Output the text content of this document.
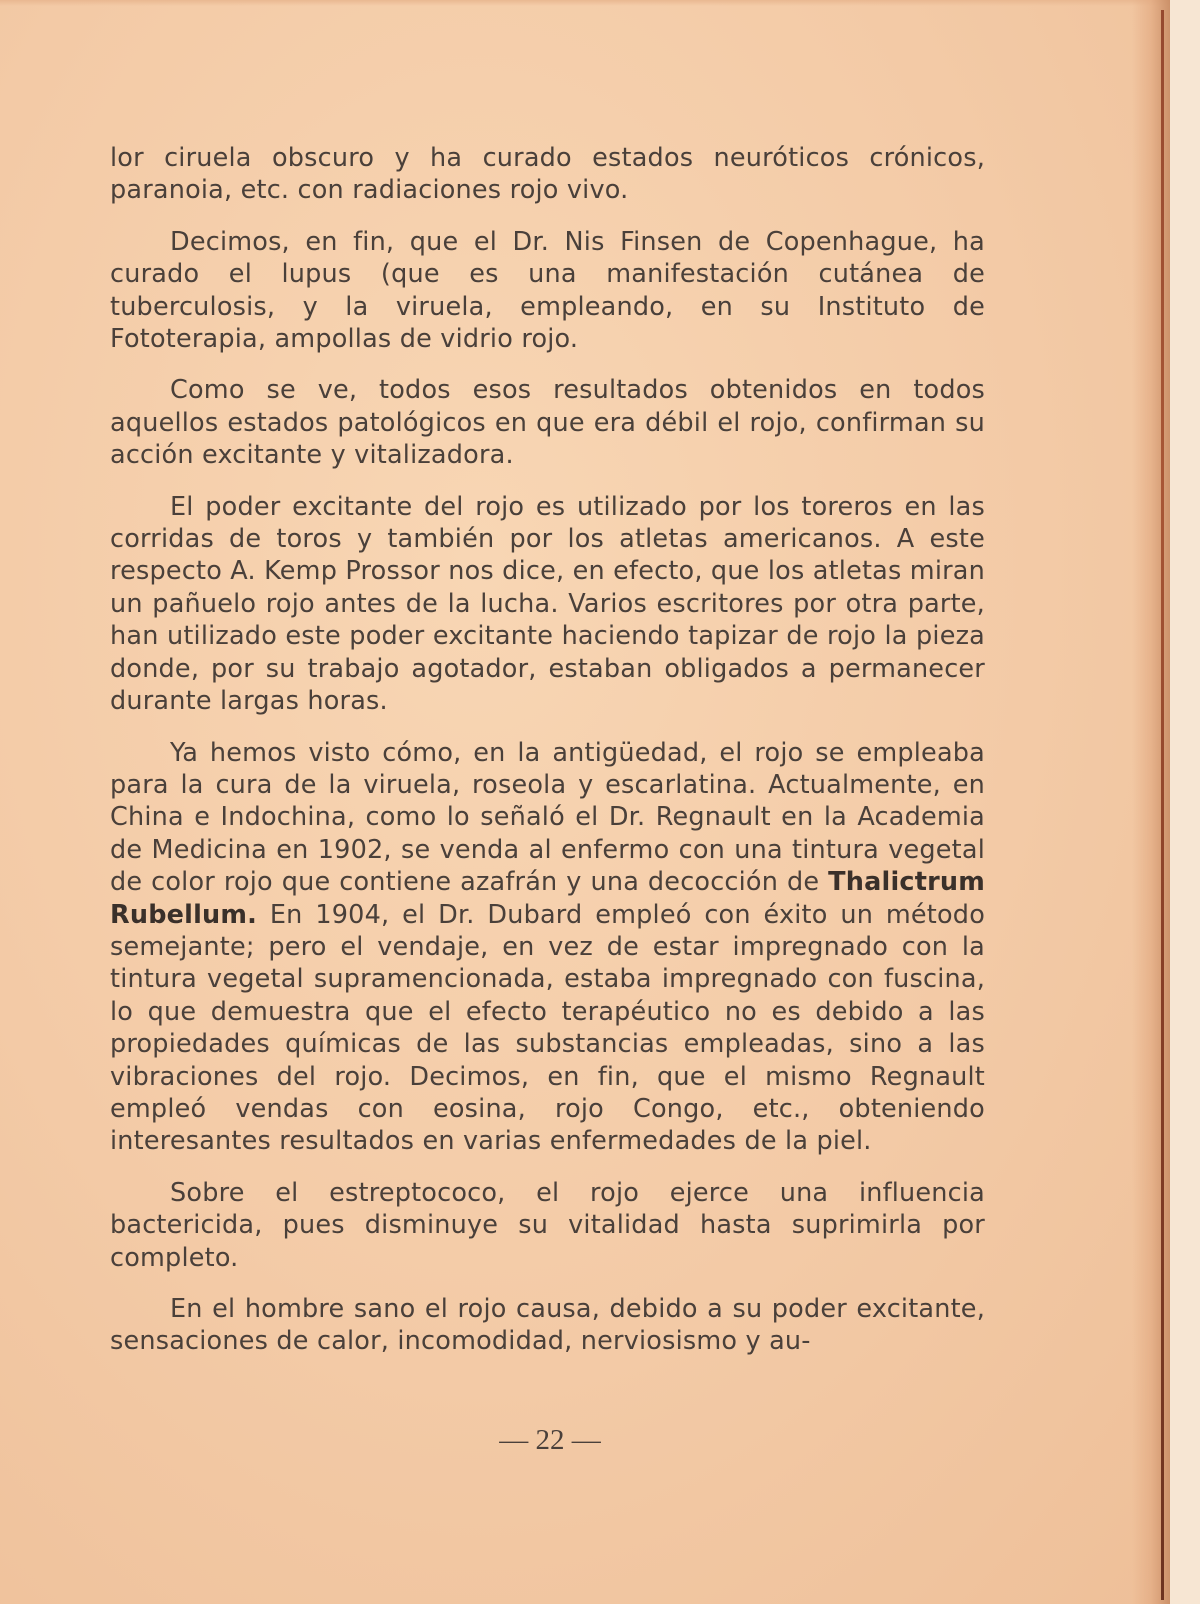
lor ciruela obscuro y ha curado estados neuróticos crónicos, paranoia, etc. con radiaciones rojo vivo.

Decimos, en fin, que el Dr. Nis Finsen de Copenhague, ha curado el lupus (que es una manifestación cutánea de tuberculosis, y la viruela, empleando, en su Instituto de Fototerapia, ampollas de vidrio rojo.

Como se ve, todos esos resultados obtenidos en todos aquellos estados patológicos en que era débil el rojo, confirman su acción excitante y vitalizadora.

El poder excitante del rojo es utilizado por los toreros en las corridas de toros y también por los atletas americanos. A este respecto A. Kemp Prossor nos dice, en efecto, que los atletas miran un pañuelo rojo antes de la lucha. Varios escritores por otra parte, han utilizado este poder excitante haciendo tapizar de rojo la pieza donde, por su trabajo agotador, estaban obligados a permanecer durante largas horas.

Ya hemos visto cómo, en la antigüedad, el rojo se empleaba para la cura de la viruela, roseola y escarlatina. Actualmente, en China e Indochina, como lo señaló el Dr. Regnault en la Academia de Medicina en 1902, se venda al enfermo con una tintura vegetal de color rojo que contiene azafrán y una decocción de Thalictrum Rubellum. En 1904, el Dr. Dubard empleó con éxito un método semejante; pero el vendaje, en vez de estar impregnado con la tintura vegetal supramencionada, estaba impregnado con fuscina, lo que demuestra que el efecto terapéutico no es debido a las propiedades químicas de las substancias empleadas, sino a las vibraciones del rojo. Decimos, en fin, que el mismo Regnault empleó vendas con eosina, rojo Congo, etc., obteniendo interesantes resultados en varias enfermedades de la piel.

Sobre el estreptococo, el rojo ejerce una influencia bactericida, pues disminuye su vitalidad hasta suprimirla por completo.

En el hombre sano el rojo causa, debido a su poder excitante, sensaciones de calor, incomodidad, nerviosismo y au-

— 22 —
